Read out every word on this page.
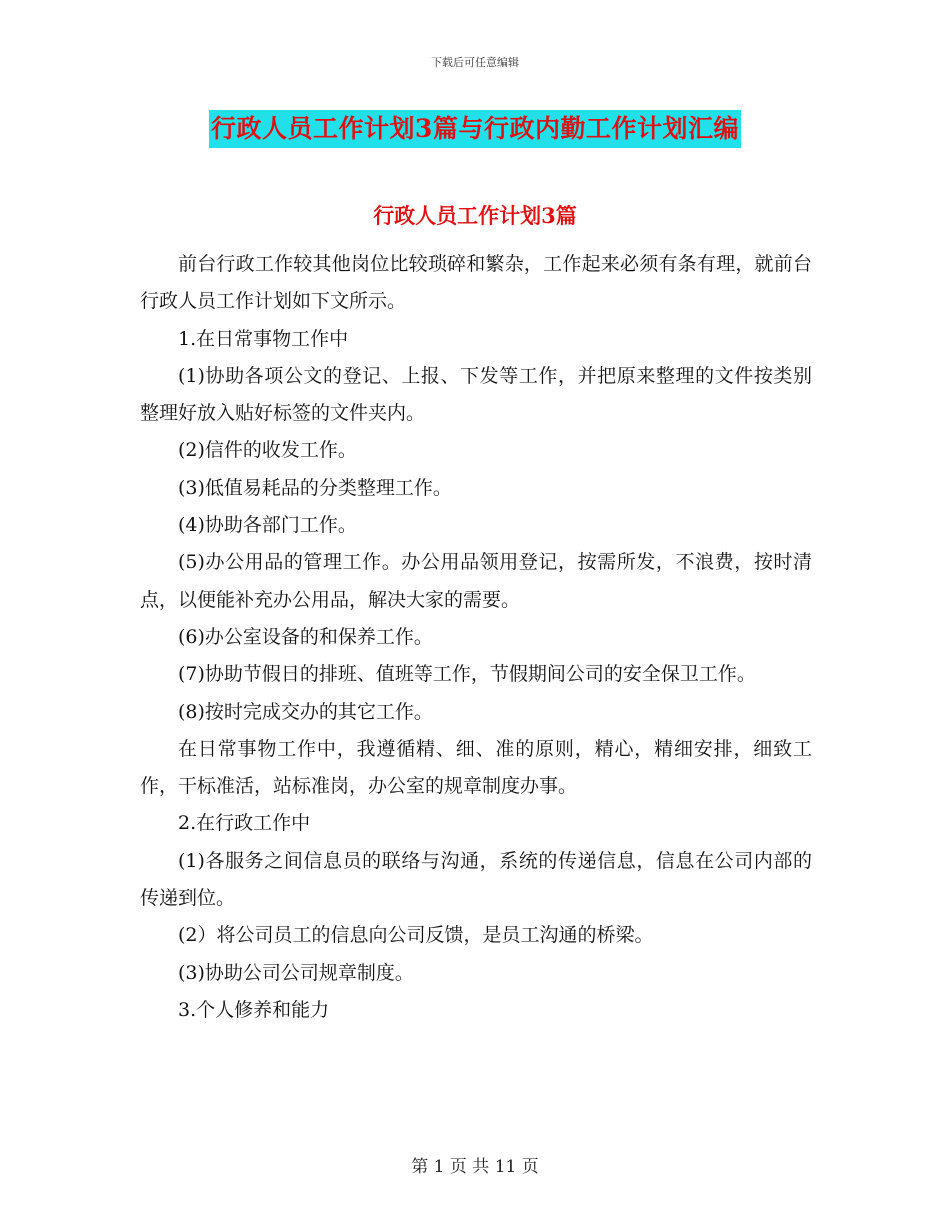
下载后可任意编辑
行政人员工作计划3篇与行政内勤工作计划汇编
行政人员工作计划3篇

前台行政工作较其他岗位比较琐碎和繁杂，工作起来必须有条有理，就前台行政人员工作计划如下文所示。

1.在日常事物工作中

(1)协助各项公文的登记、上报、下发等工作，并把原来整理的文件按类别整理好放入贴好标签的文件夹内。

(2)信件的收发工作。

(3)低值易耗品的分类整理工作。

(4)协助各部门工作。

(5)办公用品的管理工作。办公用品领用登记，按需所发，不浪费，按时清点，以便能补充办公用品，解决大家的需要。

(6)办公室设备的和保养工作。

(7)协助节假日的排班、值班等工作，节假期间公司的安全保卫工作。

(8)按时完成交办的其它工作。

在日常事物工作中，我遵循精、细、准的原则，精心，精细安排，细致工作，干标准活，站标准岗，办公室的规章制度办事。

2.在行政工作中

(1)各服务之间信息员的联络与沟通，系统的传递信息，信息在公司内部的传递到位。

(2）将公司员工的信息向公司反馈，是员工沟通的桥梁。

(3)协助公司公司规章制度。

3.个人修养和能力

第 1 页 共 11 页
